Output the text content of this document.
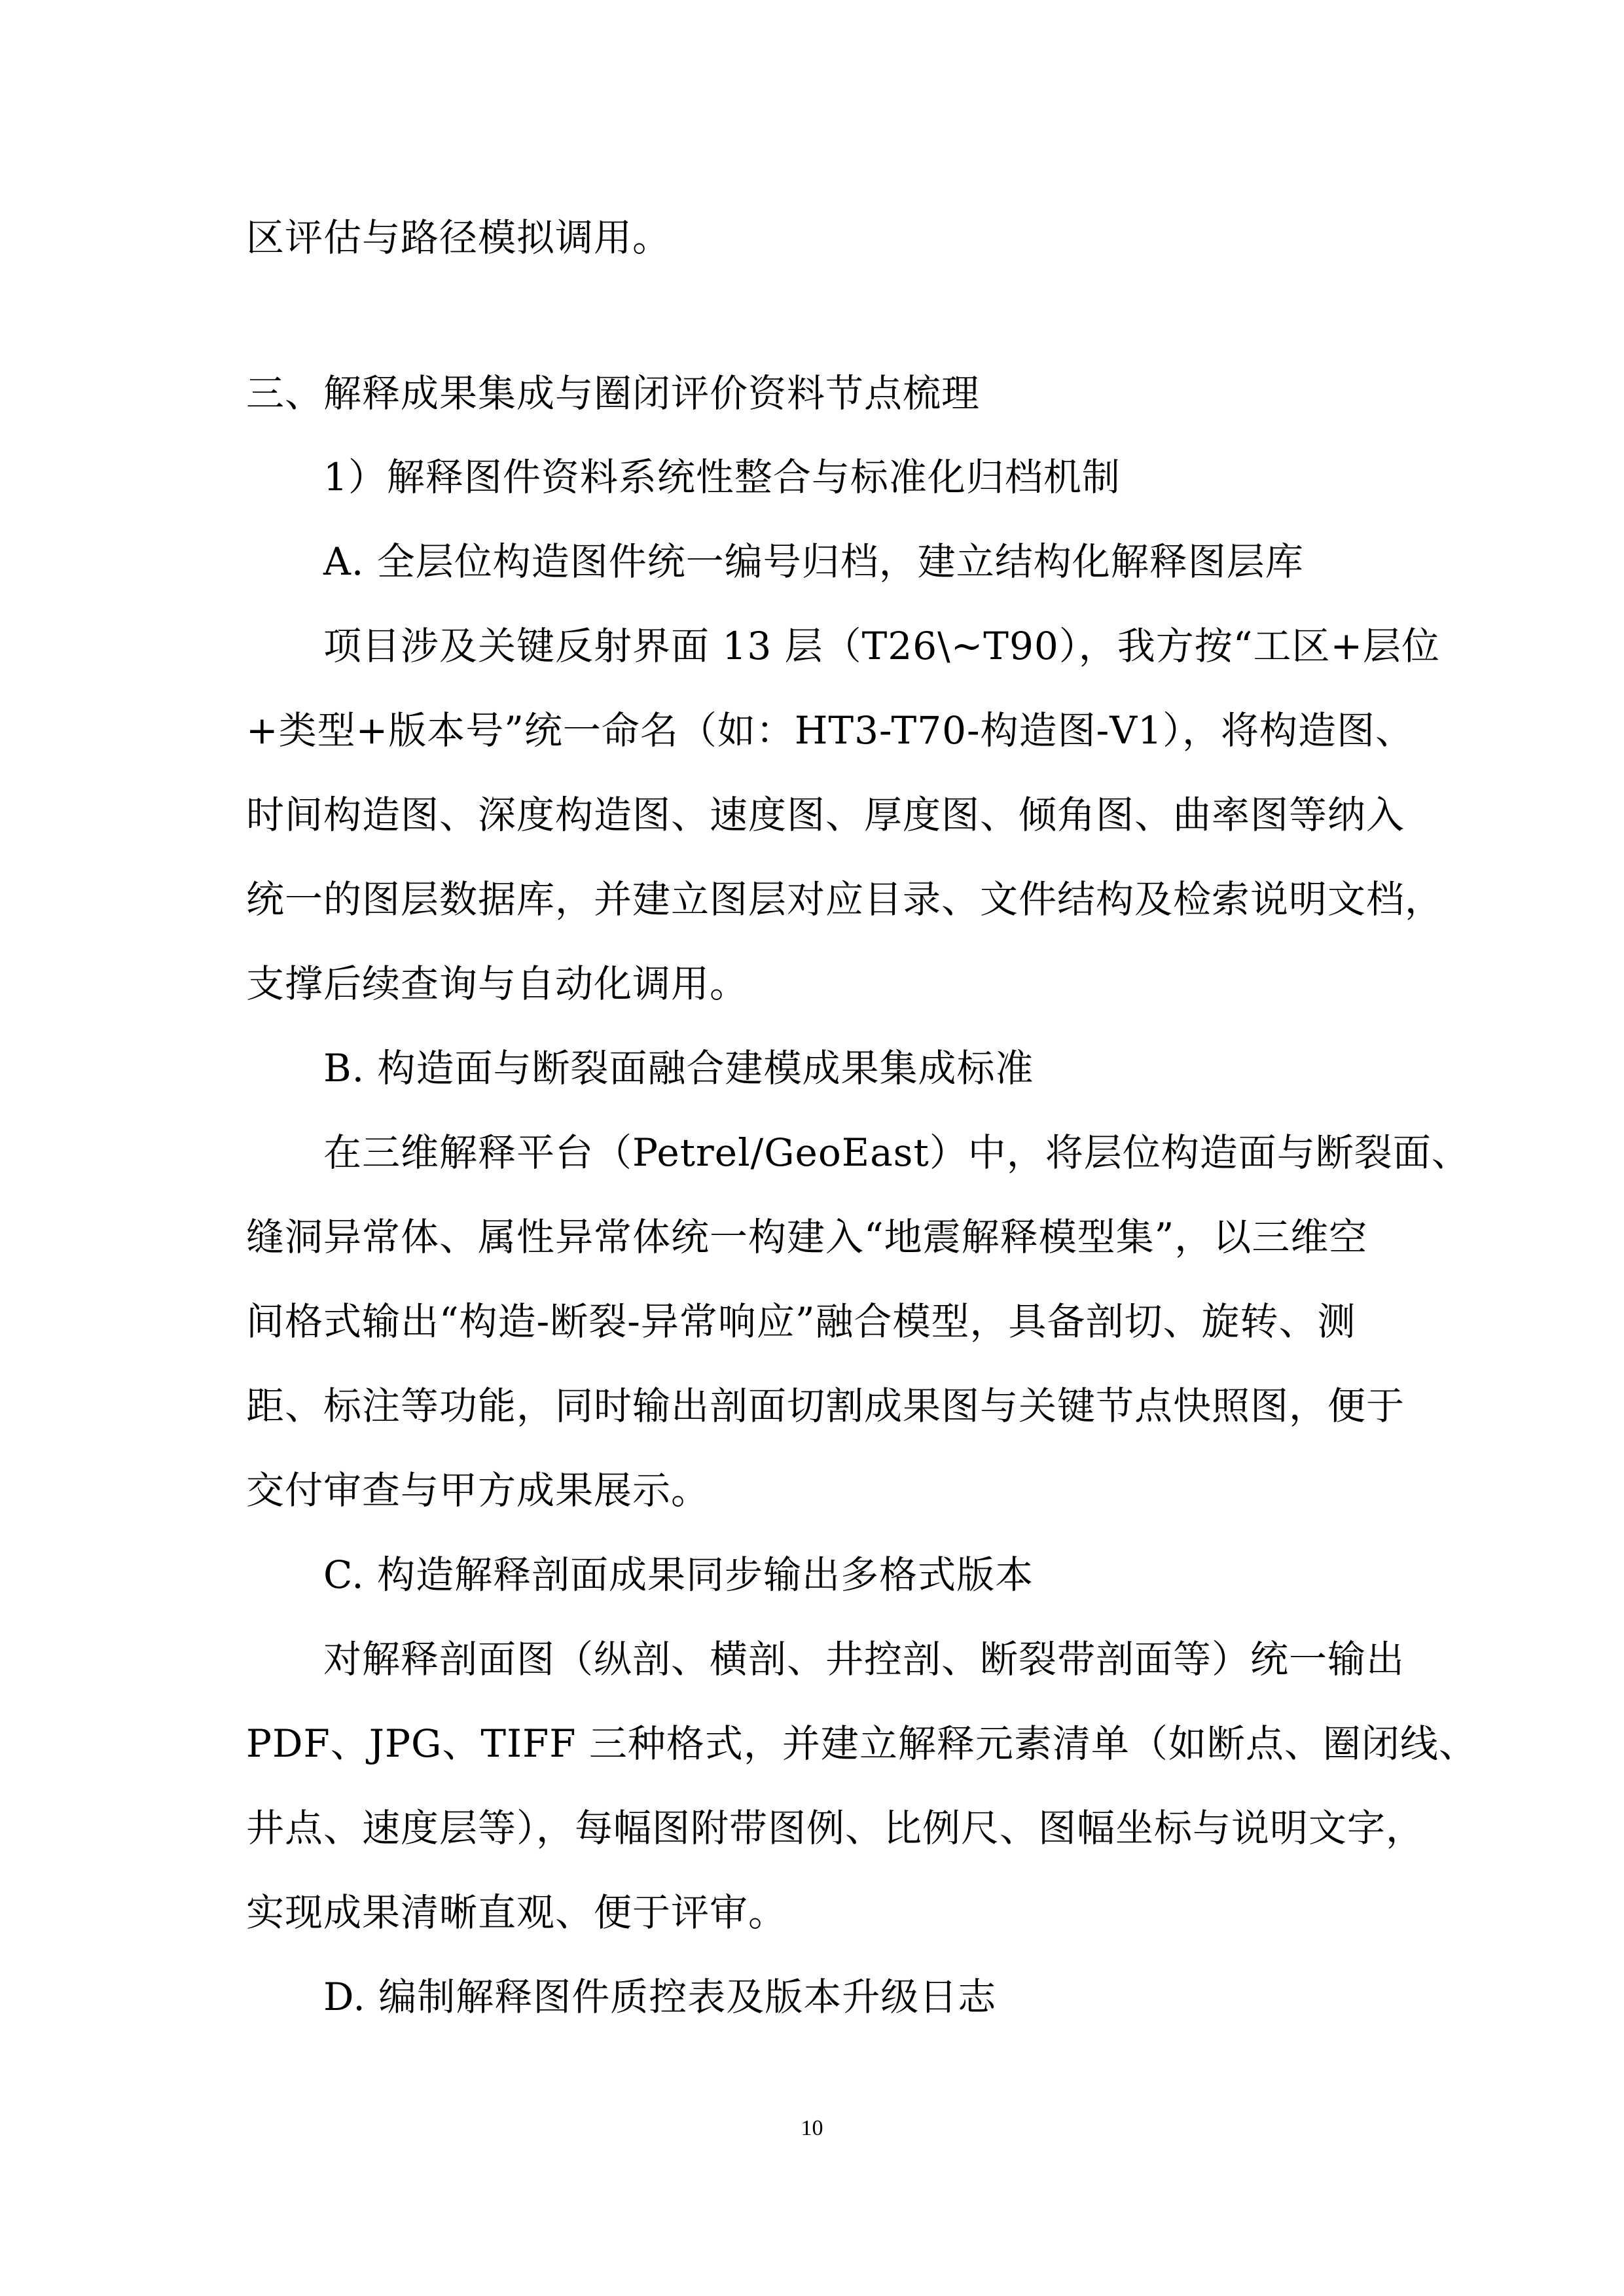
区评估与路径模拟调用。
三、解释成果集成与圈闭评价资料节点梳理
1）解释图件资料系统性整合与标准化归档机制
A. 全层位构造图件统一编号归档，建立结构化解释图层库
项目涉及关键反射界面 13 层（T26\~T90），我方按“工区+层位
+类型+版本号”统一命名（如：HT3-T70-构造图-V1），将构造图、
时间构造图、深度构造图、速度图、厚度图、倾角图、曲率图等纳入
统一的图层数据库，并建立图层对应目录、文件结构及检索说明文档，
支撑后续查询与自动化调用。
B. 构造面与断裂面融合建模成果集成标准
在三维解释平台（Petrel/GeoEast）中，将层位构造面与断裂面、
缝洞异常体、属性异常体统一构建入“地震解释模型集”，以三维空
间格式输出“构造-断裂-异常响应”融合模型，具备剖切、旋转、测
距、标注等功能，同时输出剖面切割成果图与关键节点快照图，便于
交付审查与甲方成果展示。
C. 构造解释剖面成果同步输出多格式版本
对解释剖面图（纵剖、横剖、井控剖、断裂带剖面等）统一输出
PDF、JPG、TIFF 三种格式，并建立解释元素清单（如断点、圈闭线、
井点、速度层等），每幅图附带图例、比例尺、图幅坐标与说明文字，
实现成果清晰直观、便于评审。
D. 编制解释图件质控表及版本升级日志
10
